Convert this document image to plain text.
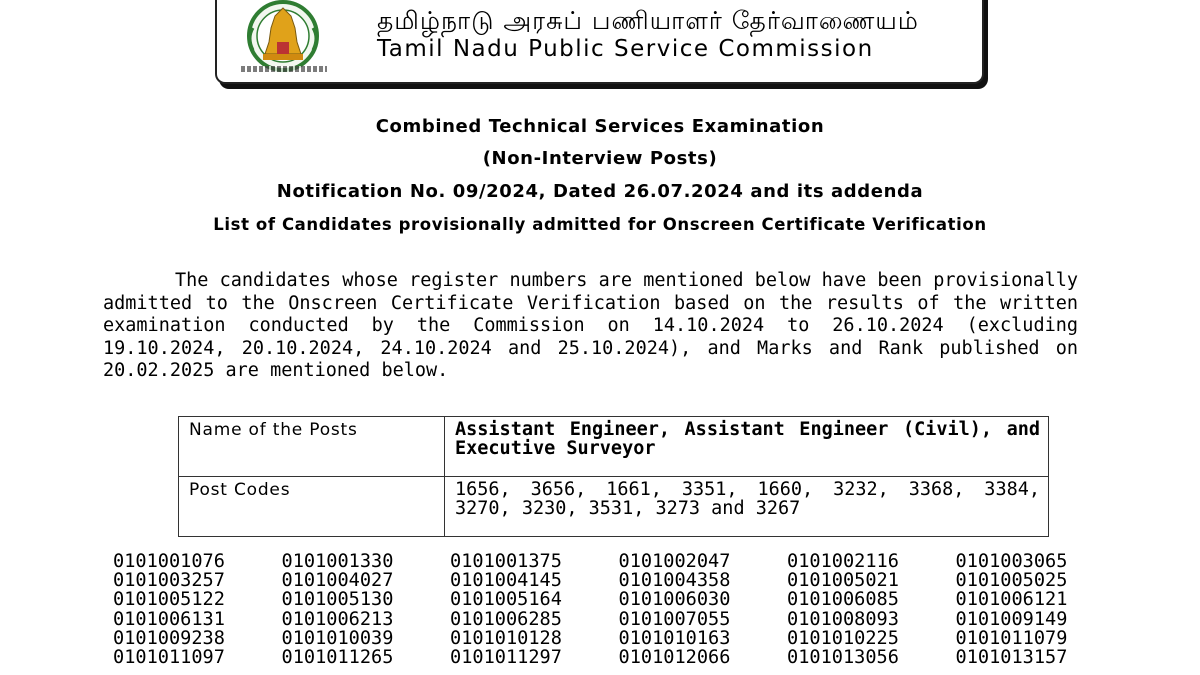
தமிழ்நாடு அரசுப் பணியாளர் தேர்வாணையம்
Tamil Nadu Public Service Commission
Combined Technical Services Examination
(Non-Interview Posts)
Notification No. 09/2024, Dated 26.07.2024 and its addenda
List of Candidates provisionally admitted for Onscreen Certificate Verification
The candidates whose register numbers are mentioned below have been provisionally admitted to the Onscreen Certificate Verification based on the results of the written examination conducted by the Commission on 14.10.2024 to 26.10.2024 (excluding 19.10.2024, 20.10.2024, 24.10.2024 and 25.10.2024), and Marks and Rank published on 20.02.2025 are mentioned below.
Name of the Posts	Assistant Engineer, Assistant Engineer (Civil), and Executive Surveyor
Post Codes	1656, 3656, 1661, 3351, 1660, 3232, 3368, 3384, 3270, 3230, 3531, 3273 and 3267
0101001076	0101001330	0101001375	0101002047	0101002116	0101003065
0101003257	0101004027	0101004145	0101004358	0101005021	0101005025
0101005122	0101005130	0101005164	0101006030	0101006085	0101006121
0101006131	0101006213	0101006285	0101007055	0101008093	0101009149
0101009238	0101010039	0101010128	0101010163	0101010225	0101011079
0101011097	0101011265	0101011297	0101012066	0101013056	0101013157
